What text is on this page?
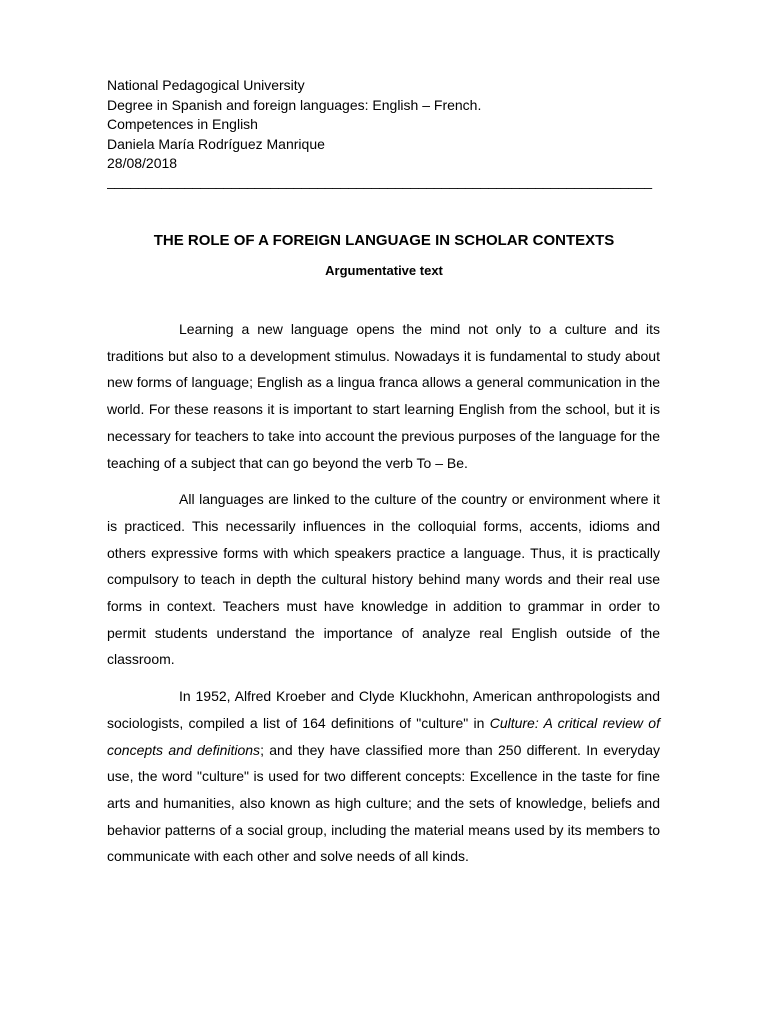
National Pedagogical University
Degree in Spanish and foreign languages: English – French.
Competences in English
Daniela María Rodríguez Manrique
28/08/2018
______________________________________________________________________
THE ROLE OF A FOREIGN LANGUAGE IN SCHOLAR CONTEXTS
Argumentative text

Learning a new language opens the mind not only to a culture and its traditions but also to a development stimulus. Nowadays it is fundamental to study about new forms of language; English as a lingua franca allows a general communication in the world. For these reasons it is important to start learning English from the school, but it is necessary for teachers to take into account the previous purposes of the language for the teaching of a subject that can go beyond the verb To – Be.

All languages are linked to the culture of the country or environment where it is practiced. This necessarily influences in the colloquial forms, accents, idioms and others expressive forms with which speakers practice a language. Thus, it is practically compulsory to teach in depth the cultural history behind many words and their real use forms in context. Teachers must have knowledge in addition to grammar in order to permit students understand the importance of analyze real English outside of the classroom.

In 1952, Alfred Kroeber and Clyde Kluckhohn, American anthropologists and sociologists, compiled a list of 164 definitions of "culture" in Culture: A critical review of concepts and definitions; and they have classified more than 250 different. In everyday use, the word "culture" is used for two different concepts: Excellence in the taste for fine arts and humanities, also known as high culture; and the sets of knowledge, beliefs and behavior patterns of a social group, including the material means used by its members to communicate with each other and solve needs of all kinds.
